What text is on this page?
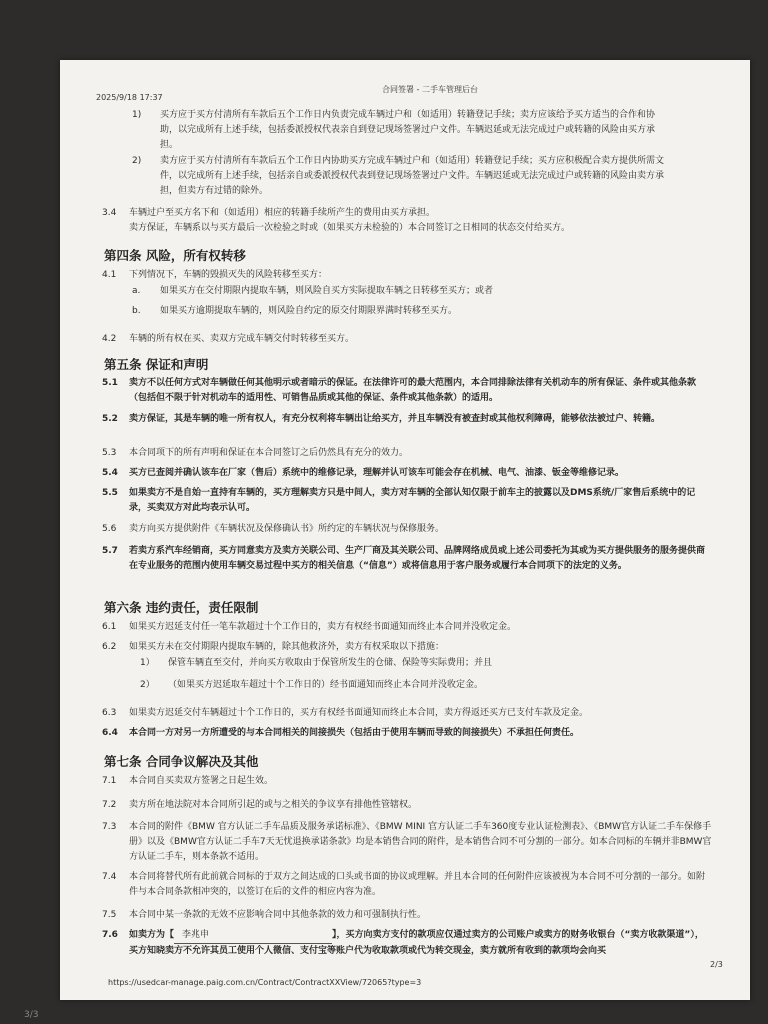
3/3
2025/9/18 17:37
合同签署 - 二手车管理后台
1) 买方应于买方付清所有车款后五个工作日内负责完成车辆过户和（如适用）转籍登记手续；卖方应该给予买方适当的合作和协助，以完成所有上述手续，包括委派授权代表亲自到登记现场签署过户文件。车辆迟延或无法完成过户或转籍的风险由买方承担。
2) 卖方应于买方付清所有车款后五个工作日内协助买方完成车辆过户和（如适用）转籍登记手续；买方应积极配合卖方提供所需文件，以完成所有上述手续，包括亲自或委派授权代表到登记现场签署过户文件。车辆迟延或无法完成过户或转籍的风险由卖方承担，但卖方有过错的除外。
3.4 车辆过户至买方名下和（如适用）相应的转籍手续所产生的费用由买方承担。
卖方保证，车辆系以与买方最后一次检验之时或（如果买方未检验的）本合同签订之日相同的状态交付给买方。
第四条 风险，所有权转移
4.1 下列情况下，车辆的毁损灭失的风险转移至买方：
a. 如果买方在交付期限内提取车辆，则风险自买方实际提取车辆之日转移至买方；或者
b. 如果买方逾期提取车辆的，则风险自约定的原交付期限界满时转移至买方。
4.2 车辆的所有权在买、卖双方完成车辆交付时转移至买方。
第五条 保证和声明
5.1 卖方不以任何方式对车辆做任何其他明示或者暗示的保证。在法律许可的最大范围内，本合同排除法律有关机动车的所有保证、条件或其他条款（包括但不限于针对机动车的适用性、可销售品质或其他的保证、条件或其他条款）的适用。
5.2 卖方保证，其是车辆的唯一所有权人，有充分权利将车辆出让给买方，并且车辆没有被查封或其他权利障碍，能够依法被过户、转籍。
5.3 本合同项下的所有声明和保证在本合同签订之后仍然具有充分的效力。
5.4 买方已查阅并确认该车在厂家（售后）系统中的维修记录，理解并认可该车可能会存在机械、电气、油漆、钣金等维修记录。
5.5 如果卖方不是自始一直持有车辆的，买方理解卖方只是中间人，卖方对车辆的全部认知仅限于前车主的披露以及DMS系统/厂家售后系统中的记录，买卖双方对此均表示认可。
5.6 卖方向买方提供附件《车辆状况及保修确认书》所约定的车辆状况与保修服务。
5.7 若卖方系汽车经销商，买方同意卖方及卖方关联公司、生产厂商及其关联公司、品牌网络成员或上述公司委托为其或为买方提供服务的服务提供商在专业服务的范围内使用车辆交易过程中买方的相关信息（“信息”）或将信息用于客户服务或履行本合同项下的法定的义务。
第六条 违约责任，责任限制
6.1 如果买方迟延支付任一笔车款超过十个工作日的，卖方有权经书面通知而终止本合同并没收定金。
6.2 如果买方未在交付期限内提取车辆的，除其他救济外，卖方有权采取以下措施：
1） 保管车辆直至交付，并向买方收取由于保管所发生的仓储、保险等实际费用；并且
2） （如果买方迟延取车超过十个工作日的）经书面通知而终止本合同并没收定金。
6.3 如果卖方迟延交付车辆超过十个工作日的，买方有权经书面通知而终止本合同，卖方得返还买方已支付车款及定金。
6.4 本合同一方对另一方所遭受的与本合同相关的间接损失（包括由于使用车辆而导致的间接损失）不承担任何责任。
第七条 合同争议解决及其他
7.1 本合同自买卖双方签署之日起生效。
7.2 卖方所在地法院对本合同所引起的或与之相关的争议享有排他性管辖权。
7.3 本合同的附件《BMW 官方认证二手车品质及服务承诺标准》、《BMW MINI 官方认证二手车360度专业认证检测表》、《BMW官方认证二手车保修手册》以及《BMW官方认证二手车7天无忧退换承诺条款》均是本销售合同的附件，是本销售合同不可分割的一部分。如本合同标的车辆并非BMW官方认证二手车，则本条款不适用。
7.4 本合同将替代所有此前就合同标的于双方之间达成的口头或书面的协议或理解。并且本合同的任何附件应该被视为本合同不可分割的一部分。如附件与本合同条款相冲突的，以签订在后的文件的相应内容为准。
7.5 本合同中某一条款的无效不应影响合同中其他条款的效力和可强制执行性。
7.6 如卖方为【 李兆申	】，买方向卖方支付的款项应仅通过卖方的公司账户或卖方的财务收银台（“卖方收款渠道”），买方知晓卖方不允许其员工使用个人微信、支付宝等账户代为收取款项或代为转交现金，卖方就所有收到的款项均会向买
2/3
https://usedcar-manage.paig.com.cn/Contract/ContractXXView/72065?type=3
